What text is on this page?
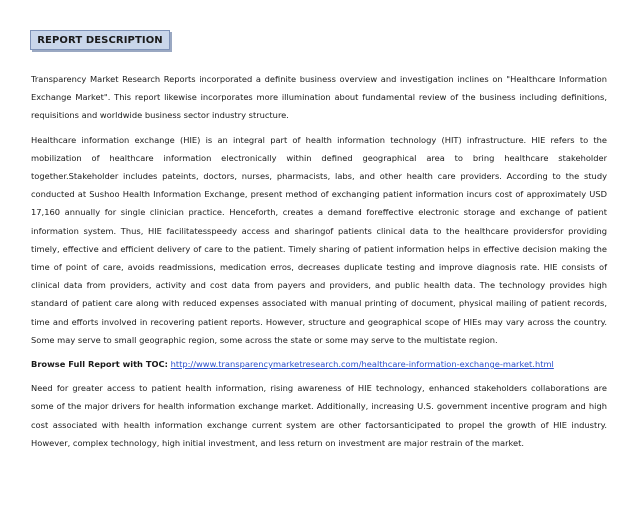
REPORT DESCRIPTION

Transparency Market Research Reports incorporated a definite business overview and investigation inclines on "Healthcare Information Exchange Market". This report likewise incorporates more illumination about fundamental review of the business including definitions, requisitions and worldwide business sector industry structure.

Healthcare information exchange (HIE) is an integral part of health information technology (HIT) infrastructure. HIE refers to the mobilization of healthcare information electronically within defined geographical area to bring healthcare stakeholder together.Stakeholder includes pateints, doctors, nurses, pharmacists, labs, and other health care providers. According to the study conducted at Sushoo Health Information Exchange, present method of exchanging patient information incurs cost of approximately USD 17,160 annually for single clinician practice. Henceforth, creates a demand foreffective electronic storage and exchange of patient information system. Thus, HIE facilitatesspeedy access and sharingof patients clinical data to the healthcare providersfor providing timely, effective and efficient delivery of care to the patient. Timely sharing of patient information helps in effective decision making the time of point of care, avoids readmissions, medication erros, decreases duplicate testing and improve diagnosis rate. HIE consists of clinical data from providers, activity and cost data from payers and providers, and public health data. The technology provides high standard of patient care along with reduced expenses associated with manual printing of document, physical mailing of patient records, time and efforts involved in recovering patient reports. However, structure and geographical scope of HIEs may vary across the country. Some may serve to small geographic region, some across the state or some may serve to the multistate region.

Browse Full Report with TOC: http://www.transparencymarketresearch.com/healthcare-information-exchange-market.html

Need for greater access to patient health information, rising awareness of HIE technology, enhanced stakeholders collaborations are some of the major drivers for health information exchange market. Additionally, increasing U.S. government incentive program and high cost associated with health information exchange current system are other factorsanticipated to propel the growth of HIE industry. However, complex technology, high initial investment, and less return on investment are major restrain of the market.
